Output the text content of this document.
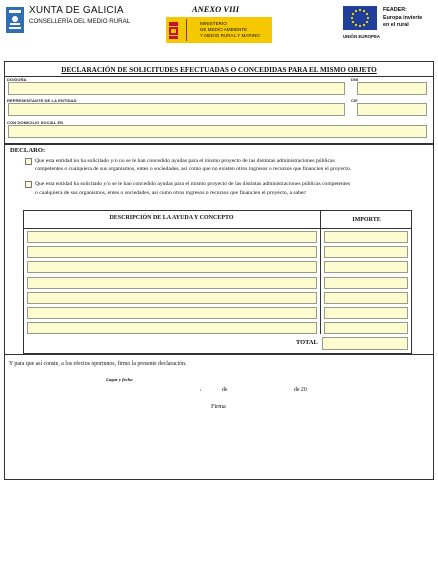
XUNTA DE GALICIA
CONSELLERÍA DEL MEDIO RURAL
ANEXO VIII
MINISTERIO
DE MEDIO AMBIENTE
Y MEDIO RURAL Y MARINO
FEADER:
Europa invierte
en el rural
UNIÓN EUROPEA
DECLARACIÓN DE SOLICITUDES EFECTUADAS O CONCEDIDAS PARA EL MISMO OBJETO
DO/DOÑA	DNI
REPRESENTANTE DE LA ENTIDAD	CIF
CON DOMICILIO SOCIAL EN
DECLARO:
Que esta entidad no ha solicitado y/o no se le han concedido ayudas para el mismo proyecto de las distintas administraciones públicas
competentes o cualquiera de sus organismos, entes o sociedades, así como que no existen otros ingresos o recursos que financien el proyecto.
Que esta entidad ha solicitado y/o se le han concedido ayudas para el mismo proyecto de las distintas administraciones públicas competentes
o cualquiera de sus organismos, entes o sociedades, así como otros ingresos o recursos que financien el proyecto, a saber:
DESCRIPCIÓN DE LA AYUDA Y CONCEPTO	IMPORTE
TOTAL
Y para que así conste, a los efectos oportunos, firmo la presente declaración.
Lugar y fecha
,	de	de 20
Firma
